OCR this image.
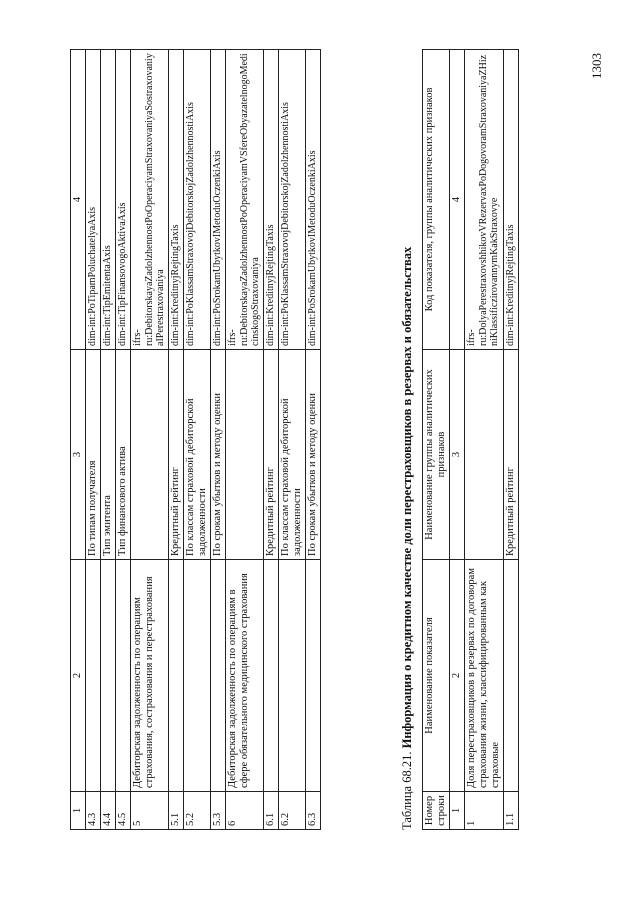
1303
1	2	3	4
4.3		По типам получателя	dim-int:PoTipamPoluchatelyaAxis
4.4		Тип эмитента	dim-int:TipEmitentaAxis
4.5		Тип финансового актива	dim-int:TipFinansovogoAktivaAxis
5	Дебиторская задолженность по операциям страхования, сострахования и перестрахования		ifrs-ru:DebitorskayaZadolzhennostPoOperaciyamStraxovaniyaSostraxovaniyaIPerestraxovaniya
5.1		Кредитный рейтинг	dim-int:KreditnyjRejtingTaxis
5.2		По классам страховой дебиторской задолженности	dim-int:PoKlassamStraxovojDebitorskojZadolzhennostiAxis
5.3		По срокам убытков и методу оценки	dim-int:PoSrokamUbytkovIMetoduOczenkiAxis
6	Дебиторская задолженность по операциям в сфере обязательного медицинского страхования		ifrs-ru:DebitorskayaZadolzhennostPoOperaciyamVSfereObyazatelnogoMedicinskogoStraxovaniya
6.1		Кредитный рейтинг	dim-int:KreditnyjRejtingTaxis
6.2		По классам страховой дебиторской задолженности	dim-int:PoKlassamStraxovojDebitorskojZadolzhennostiAxis
6.3		По срокам убытков и методу оценки	dim-int:PoSrokamUbytkovIMetoduOczenkiAxis
Таблица 68.21. Информация о кредитном качестве доли перестраховщиков в резервах и обязательствах
Номер строки	Наименование показателя	Наименование группы аналитических признаков	Код показателя, группы аналитических признаков
1	2	3	4
1	Доля перестраховщиков в резервах по договорам страхования жизни, классифицированным как страховые		ifrs-ru:DolyaPerestraxovshhikovVRezervaxPoDogovoramStraxovaniyaZHizniKlassificzirovannymKakStraxovye
1.1		Кредитный рейтинг	dim-int:KreditnyjRejtingTaxis
